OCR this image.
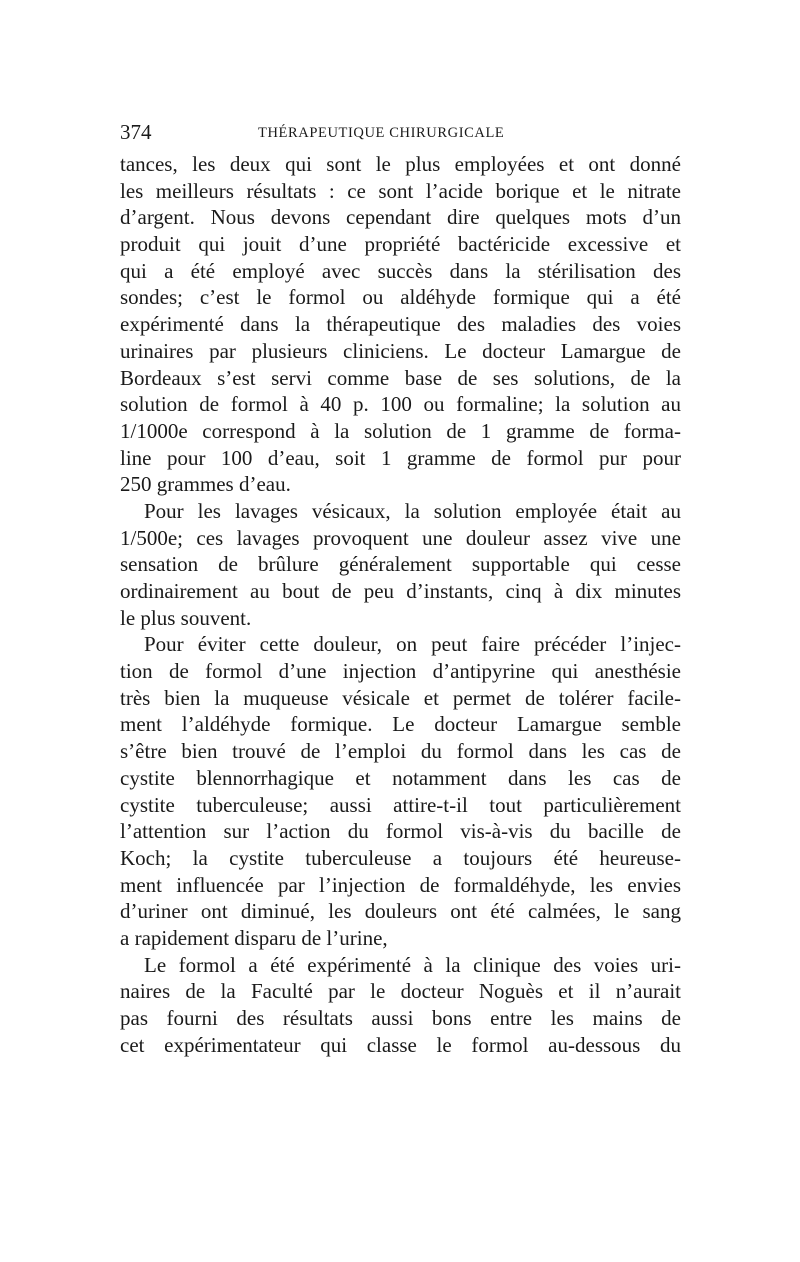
374	THÉRAPEUTIQUE CHIRURGICALE
tances, les deux qui sont le plus employées et ont donné
les meilleurs résultats : ce sont l’acide borique et le nitrate
d’argent. Nous devons cependant dire quelques mots d’un
produit qui jouit d’une propriété bactéricide excessive et
qui a été employé avec succès dans la stérilisation des
sondes; c’est le formol ou aldéhyde formique qui a été
expérimenté dans la thérapeutique des maladies des voies
urinaires par plusieurs cliniciens. Le docteur Lamargue de
Bordeaux s’est servi comme base de ses solutions, de la
solution de formol à 40 p. 100 ou formaline; la solution au
1/1000e correspond à la solution de 1 gramme de forma-
line pour 100 d’eau, soit 1 gramme de formol pur pour
250 grammes d’eau.
Pour les lavages vésicaux, la solution employée était au
1/500e; ces lavages provoquent une douleur assez vive une
sensation de brûlure généralement supportable qui cesse
ordinairement au bout de peu d’instants, cinq à dix minutes
le plus souvent.
Pour éviter cette douleur, on peut faire précéder l’injec-
tion de formol d’une injection d’antipyrine qui anesthésie
très bien la muqueuse vésicale et permet de tolérer facile-
ment l’aldéhyde formique. Le docteur Lamargue semble
s’être bien trouvé de l’emploi du formol dans les cas de
cystite blennorrhagique et notamment dans les cas de
cystite tuberculeuse; aussi attire-t-il tout particulièrement
l’attention sur l’action du formol vis-à-vis du bacille de
Koch; la cystite tuberculeuse a toujours été heureuse-
ment influencée par l’injection de formaldéhyde, les envies
d’uriner ont diminué, les douleurs ont été calmées, le sang
a rapidement disparu de l’urine,
Le formol a été expérimenté à la clinique des voies uri-
naires de la Faculté par le docteur Noguès et il n’aurait
pas fourni des résultats aussi bons entre les mains de
cet expérimentateur qui classe le formol au-dessous du
